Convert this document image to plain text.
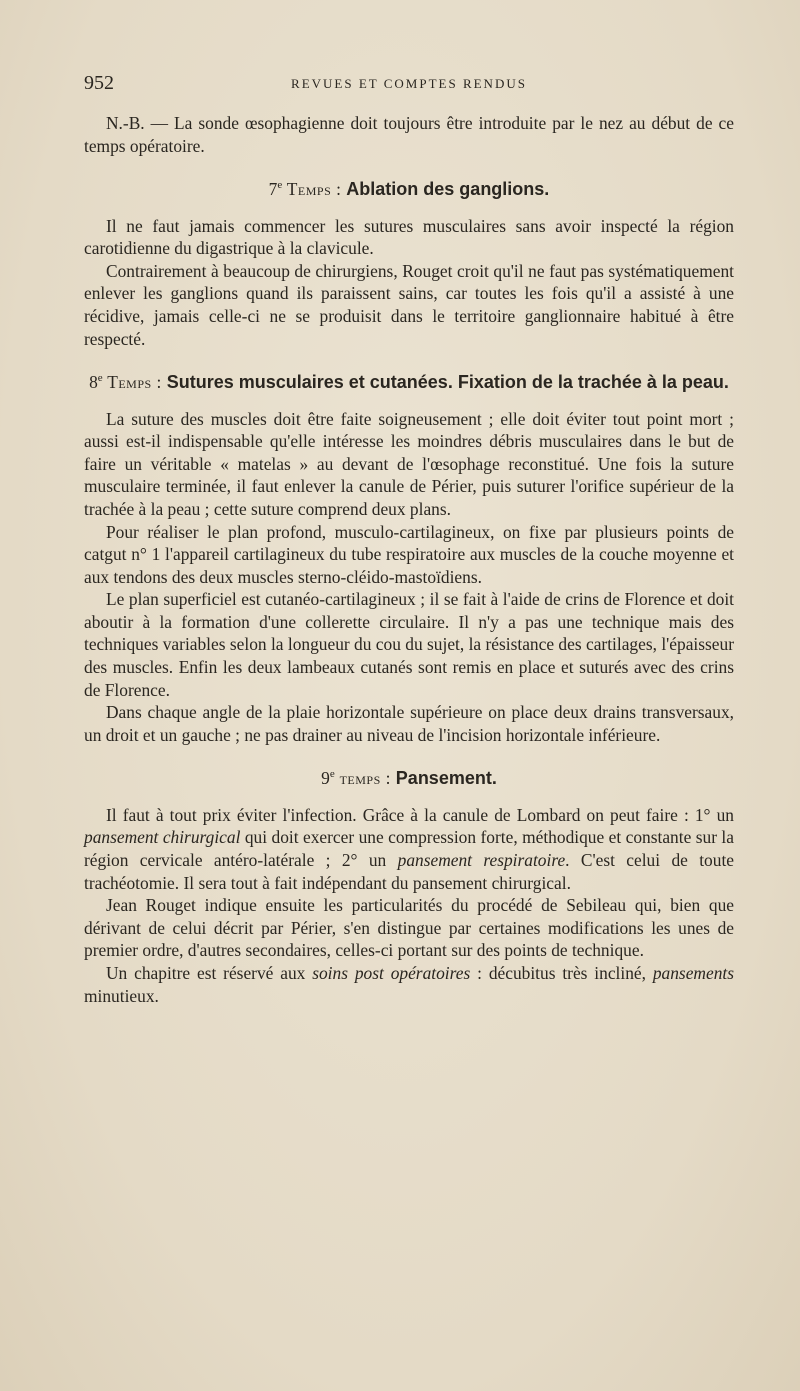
952	REVUES ET COMPTES RENDUS

N.-B. — La sonde œsophagienne doit toujours être introduite par le nez au début de ce temps opératoire.

7e Temps : Ablation des ganglions.

Il ne faut jamais commencer les sutures musculaires sans avoir inspecté la région carotidienne du digastrique à la clavicule.

Contrairement à beaucoup de chirurgiens, Rouget croit qu'il ne faut pas systématiquement enlever les ganglions quand ils paraissent sains, car toutes les fois qu'il a assisté à une récidive, jamais celle-ci ne se produisit dans le territoire ganglionnaire habitué à être respecté.

8e Temps : Sutures musculaires et cutanées. Fixation de la trachée à la peau.

La suture des muscles doit être faite soigneusement ; elle doit éviter tout point mort ; aussi est-il indispensable qu'elle intéresse les moindres débris musculaires dans le but de faire un véritable « matelas » au devant de l'œsophage reconstitué. Une fois la suture musculaire terminée, il faut enlever la canule de Périer, puis suturer l'orifice supérieur de la trachée à la peau ; cette suture comprend deux plans.

Pour réaliser le plan profond, musculo-cartilagineux, on fixe par plusieurs points de catgut n° 1 l'appareil cartilagineux du tube respiratoire aux muscles de la couche moyenne et aux tendons des deux muscles sterno-cléido-mastoïdiens.

Le plan superficiel est cutanéo-cartilagineux ; il se fait à l'aide de crins de Florence et doit aboutir à la formation d'une collerette circulaire. Il n'y a pas une technique mais des techniques variables selon la longueur du cou du sujet, la résistance des cartilages, l'épaisseur des muscles. Enfin les deux lambeaux cutanés sont remis en place et suturés avec des crins de Florence.

Dans chaque angle de la plaie horizontale supérieure on place deux drains transversaux, un droit et un gauche ; ne pas drainer au niveau de l'incision horizontale inférieure.

9e temps : Pansement.

Il faut à tout prix éviter l'infection. Grâce à la canule de Lombard on peut faire : 1° un pansement chirurgical qui doit exercer une compression forte, méthodique et constante sur la région cervicale antéro-latérale ; 2° un pansement respiratoire. C'est celui de toute trachéotomie. Il sera tout à fait indépendant du pansement chirurgical.

Jean Rouget indique ensuite les particularités du procédé de Sebileau qui, bien que dérivant de celui décrit par Périer, s'en distingue par certaines modifications les unes de premier ordre, d'autres secondaires, celles-ci portant sur des points de technique.

Un chapitre est réservé aux soins post opératoires : décubitus très incliné, pansements minutieux.
